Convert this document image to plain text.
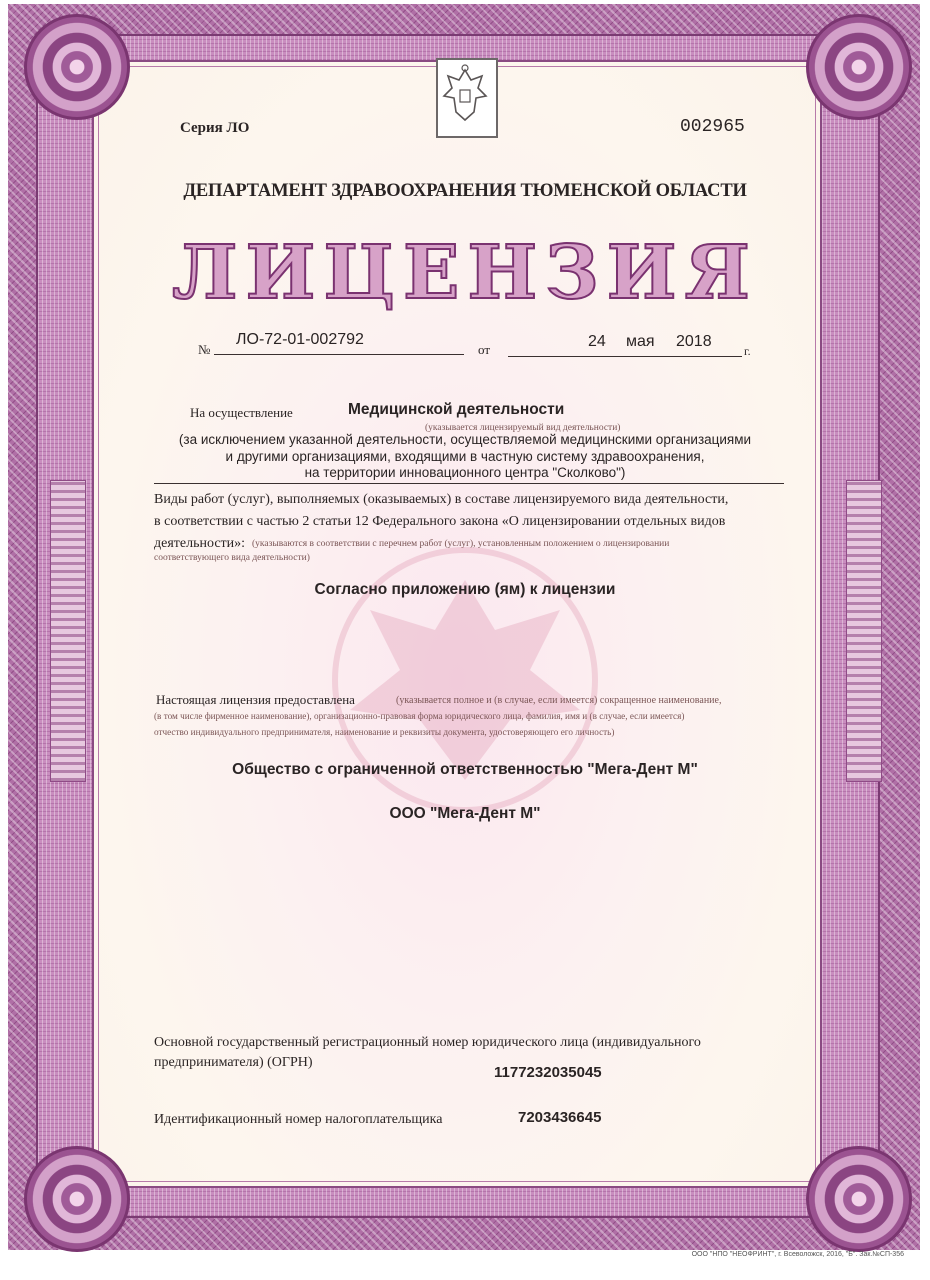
Серия ЛО	002965
ДЕПАРТАМЕНТ ЗДРАВООХРАНЕНИЯ ТЮМЕНСКОЙ ОБЛАСТИ
ЛИЦЕНЗИЯ
№
ЛО-72-01-002792
от	24 мая 2018
г.
На осуществление	Медицинской деятельности
(указывается лицензируемый вид деятельности)
(за исключением указанной деятельности, осуществляемой медицинскими организациями
и другими организациями, входящими в частную систему здравоохранения,
на территории инновационного центра "Сколково")
Виды работ (услуг), выполняемых (оказываемых) в составе лицензируемого вида деятельности,
в соответствии с частью 2 статьи 12 Федерального закона «О лицензировании отдельных видов
деятельности»: (указываются в соответствии с перечнем работ (услуг), установленным положением о лицензировании
соответствующего вида деятельности)
Согласно приложению (ям) к лицензии
Настоящая лицензия предоставлена	(указывается полное и (в случае, если имеется) сокращенное наименование,
(в том числе фирменное наименование), организационно-правовая форма юридического лица, фамилия, имя и (в случае, если имеется)
отчество индивидуального предпринимателя, наименование и реквизиты документа, удостоверяющего его личность)
Общество с ограниченной ответственностью "Мега-Дент М"
ООО "Мега-Дент М"
Основной государственный регистрационный номер юридического лица (индивидуального
предпринимателя) (ОГРН)
1177232035045
Идентификационный номер налогоплательщика	7203436645
ООО "НПО "НЕОФРИНТ", г. Всеволожск, 2016, "Б". Зак.№СП-356
